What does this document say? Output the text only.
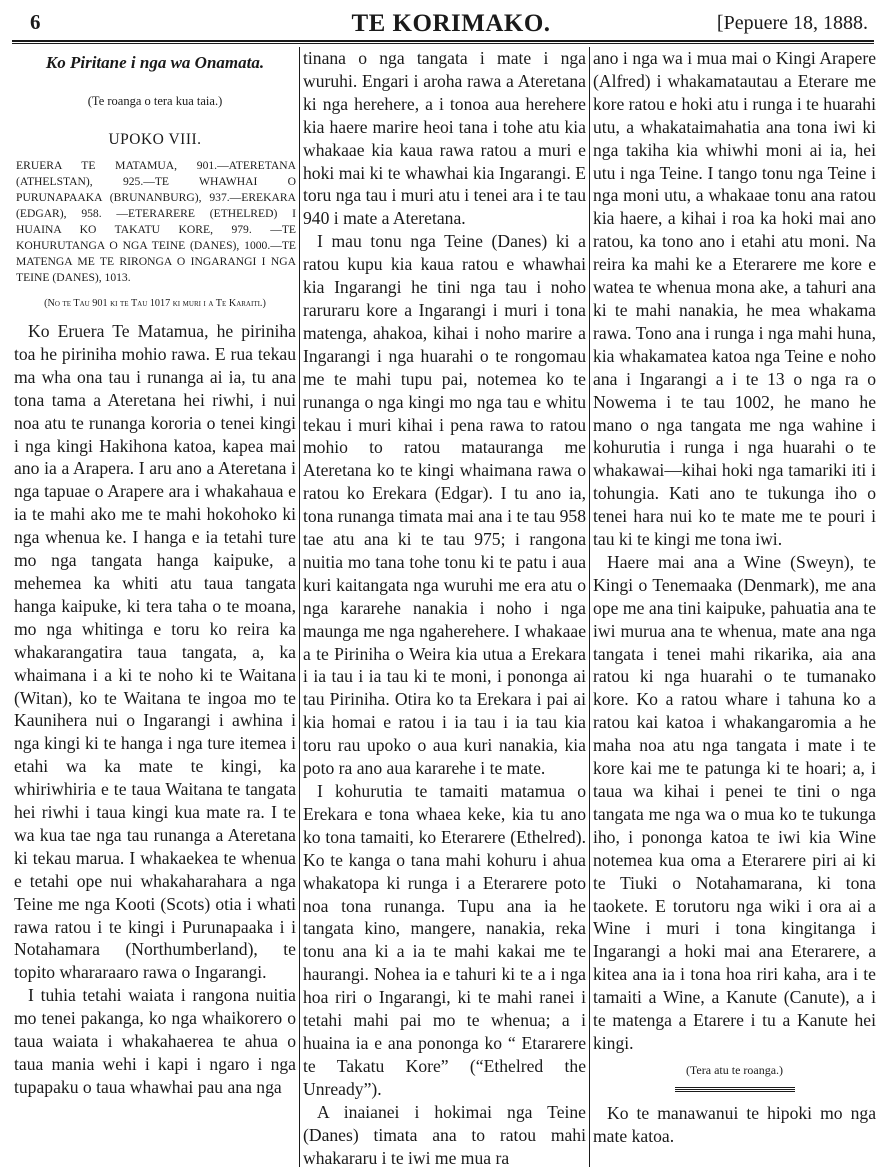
6	TE KORIMAKO.	[Pepuere 18, 1888.
Ko Piritane i nga wa Onamata.
(Te roanga o tera kua taia.)
UPOKO VIII.
ERUERA TE MATAMUA, 901.—ATERETANA (ATHELSTAN), 925.—TE WHAWHAI O PURUNAPAAKA (BRUNANBURG), 937.—EREKARA (EDGAR), 958. —ETERARERE (ETHELRED) I HUAINA KO TAKATU KORE, 979. —TE KOHURUTANGA O NGA TEINE (DANES), 1000.—TE MATENGA ME TE RIRONGA O INGARANGI I NGA TEINE (DANES), 1013.
(No te Tau 901 ki te Tau 1017 ki muri i a Te Karaiti.)

Ko Eruera Te Matamua, he piriniha toa he piriniha mohio rawa. E rua tekau ma wha ona tau i runanga ai ia, tu ana tona tama a Ateretana hei riwhi, i nui noa atu te runanga kororia o tenei kingi i nga kingi Hakihona katoa, kapea mai ano ia a Arapera. I aru ano a Ateretana i nga tapuae o Arapere ara i whakahaua e ia te mahi ako me te mahi hokohoko ki nga whenua ke. I hanga e ia tetahi ture mo nga tangata hanga kaipuke, a mehemea ka whiti atu taua tangata hanga kaipuke, ki tera taha o te moana, mo nga whitinga e toru ko reira ka whakarangatira taua tangata, a, ka whaimana i a ki te noho ki te Waitana (Witan), ko te Waitana te ingoa mo te Kaunihera nui o Ingarangi i awhina i nga kingi ki te hanga i nga ture itemea i etahi wa ka mate te kingi, ka whiriwhiria e te taua Waitana te tangata hei riwhi i taua kingi kua mate ra. I te wa kua tae nga tau runanga a Ateretana ki tekau marua. I whakaekea te whenua e tetahi ope nui whakaharahara a nga Teine me nga Kooti (Scots) otia i whati rawa ratou i te kingi i Purunapaaka i i Notahamara (Northumberland), te topito whararaaro rawa o Ingarangi.

I tuhia tetahi waiata i rangona nuitia mo tenei pakanga, ko nga whaikorero o taua waiata i whakahaerea te ahua o taua mania wehi i kapi i ngaro i nga tupapaku o taua whawhai pau ana nga

tinana o nga tangata i mate i nga wuruhi. Engari i aroha rawa a Ateretana ki nga herehere, a i tonoa aua herehere kia haere marire heoi tana i tohe atu kia whakaae kia kaua rawa ratou a muri e hoki mai ki te whawhai kia Ingarangi. E toru nga tau i muri atu i tenei ara i te tau 940 i mate a Ateretana.

I mau tonu nga Teine (Danes) ki a ratou kupu kia kaua ratou e whawhai kia Ingarangi he tini nga tau i noho raruraru kore a Ingarangi i muri i tona matenga, ahakoa, kihai i noho marire a Ingarangi i nga huarahi o te rongomau me te mahi tupu pai, notemea ko te runanga o nga kingi mo nga tau e whitu tekau i muri kihai i pena rawa to ratou mohio to ratou matauranga me Ateretana ko te kingi whaimana rawa o ratou ko Erekara (Edgar). I tu ano ia, tona runanga timata mai ana i te tau 958 tae atu ana ki te tau 975; i rangona nuitia mo tana tohe tonu ki te patu i aua kuri kaitangata nga wuruhi me era atu o nga kararehe nanakia i noho i nga maunga me nga ngaherehere. I whakaae a te Piriniha o Weira kia utua a Erekara i ia tau i ia tau ki te moni, i pononga ai tau Piriniha. Otira ko ta Erekara i pai ai kia homai e ratou i ia tau i ia tau kia toru rau upoko o aua kuri nanakia, kia poto ra ano aua kararehe i te mate.

I kohurutia te tamaiti matamua o Erekara e tona whaea keke, kia tu ano ko tona tamaiti, ko Eterarere (Ethelred). Ko te kanga o tana mahi kohuru i ahua whakatopa ki runga i a Eterarere poto noa tona runanga. Tupu ana ia he tangata kino, mangere, nanakia, reka tonu ana ki a ia te mahi kakai me te haurangi. Nohea ia e tahuri ki te a i nga hoa riri o Ingarangi, ki te mahi ranei i tetahi mahi pai mo te whenua; a i huaina ia e ana pononga ko “ Etararere te Takatu Kore” (“Ethelred the Unready”).

A inaianei i hokimai nga Teine (Danes) timata ana to ratou mahi whakararu i te iwi me mua ra

ano i nga wa i mua mai o Kingi Arapere (Alfred) i whakamatautau a Eterare me kore ratou e hoki atu i runga i te huarahi utu, a whakataimahatia ana tona iwi ki nga takiha kia whiwhi moni ai ia, hei utu i nga Teine. I tango tonu nga Teine i nga moni utu, a whakaae tonu ana ratou kia haere, a kihai i roa ka hoki mai ano ratou, ka tono ano i etahi atu moni. Na reira ka mahi ke a Eterarere me kore e watea te whenua mona ake, a tahuri ana ki te mahi nanakia, he mea whakama rawa. Tono ana i runga i nga mahi huna, kia whakamatea katoa nga Teine e noho ana i Ingarangi a i te 13 o nga ra o Nowema i te tau 1002, he mano he mano o nga tangata me nga wahine i kohurutia i runga i nga huarahi o te whakawai—kihai hoki nga tamariki iti i tohungia. Kati ano te tukunga iho o tenei hara nui ko te mate me te pouri i tau ki te kingi me tona iwi.

Haere mai ana a Wine (Sweyn), te Kingi o Tenemaaka (Denmark), me ana ope me ana tini kaipuke, pahuatia ana te iwi murua ana te whenua, mate ana nga tangata i tenei mahi rikarika, aia ana ratou ki nga huarahi o te tumanako kore. Ko a ratou whare i tahuna ko a ratou kai katoa i whakangaromia a he maha noa atu nga tangata i mate i te kore kai me te patunga ki te hoari; a, i taua wa kihai i penei te tini o nga tangata me nga wa o mua ko te tukunga iho, i pononga katoa te iwi kia Wine notemea kua oma a Eterarere piri ai ki te Tiuki o Notahamarana, ki tona taokete. E torutoru nga wiki i ora ai a Wine i muri i tona kingitanga i Ingarangi a hoki mai ana Eterarere, a kitea ana ia i tona hoa riri kaha, ara i te tamaiti a Wine, a Kanute (Canute), a i te matenga a Etarere i tu a Kanute hei kingi.

(Tera atu te roanga.)

Ko te manawanui te hipoki mo nga mate katoa.
